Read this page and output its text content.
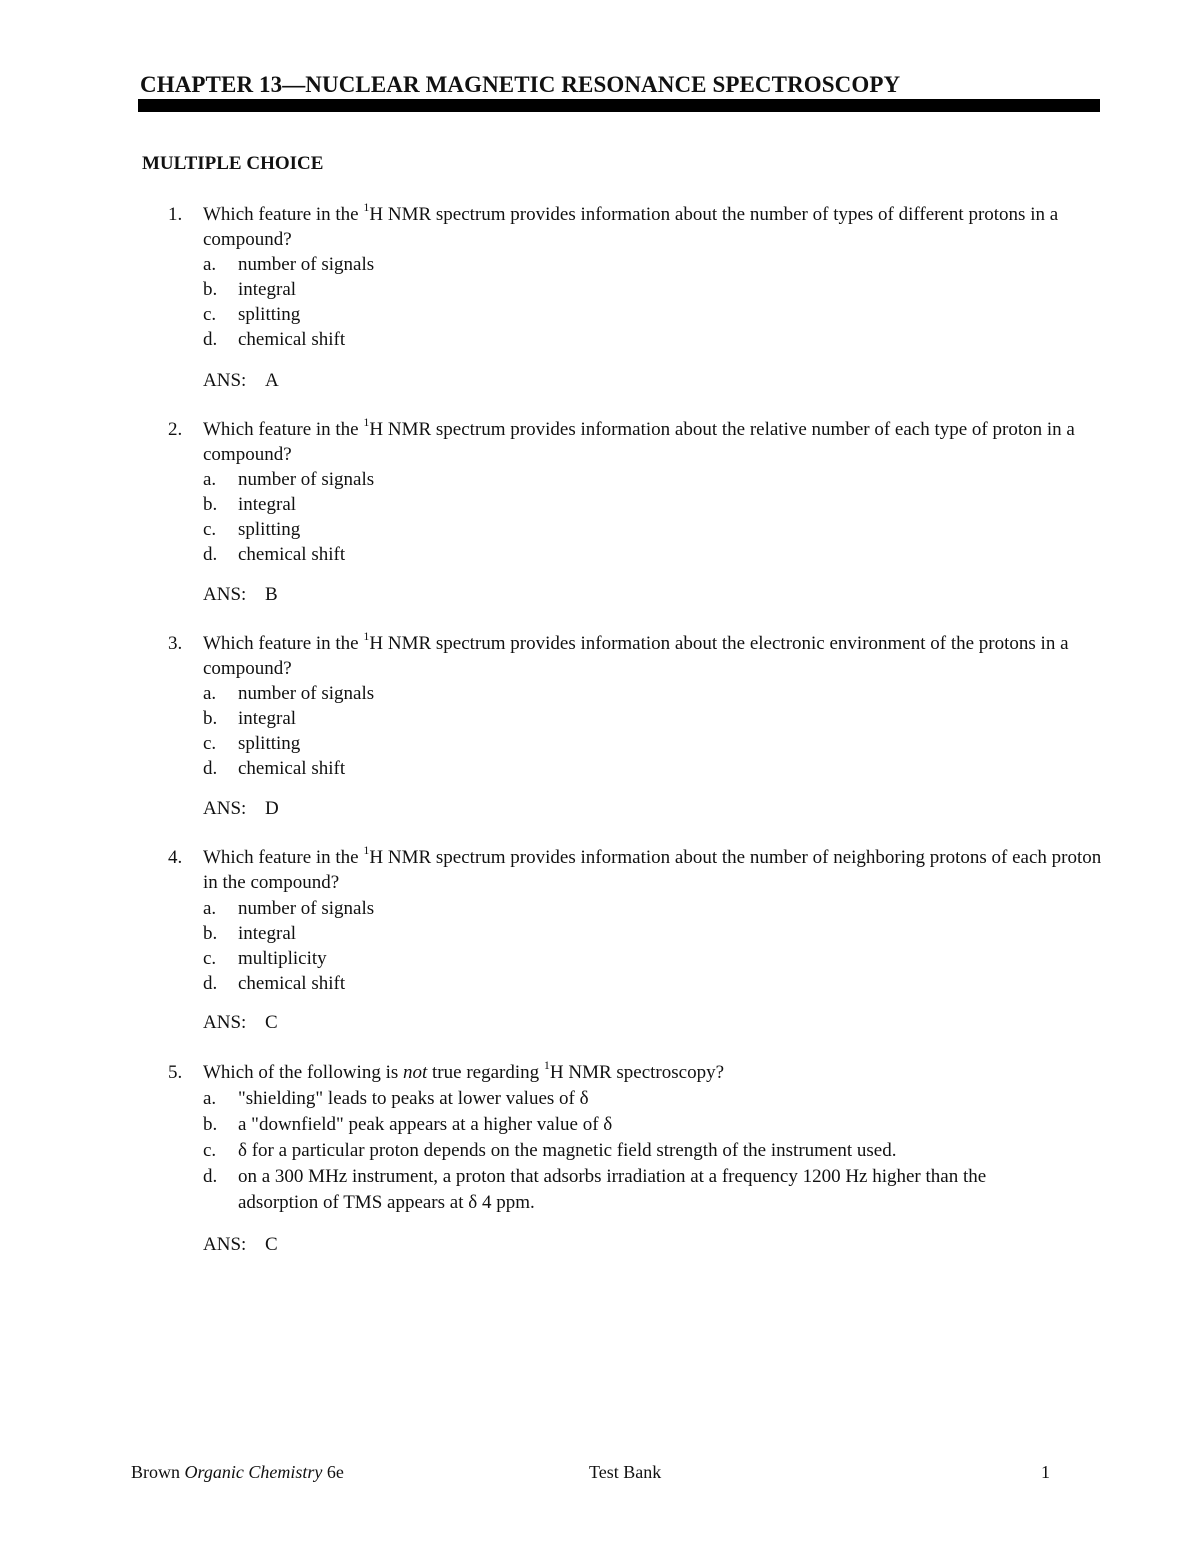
CHAPTER 13—NUCLEAR MAGNETIC RESONANCE SPECTROSCOPY
MULTIPLE CHOICE
1. Which feature in the $^1$H NMR spectrum provides information about the number of types of different protons in a compound?
a. number of signals
b. integral
c. splitting
d. chemical shift
ANS: A
2. Which feature in the $^1$H NMR spectrum provides information about the relative number of each type of proton in a compound?
a. number of signals
b. integral
c. splitting
d. chemical shift
ANS: B
3. Which feature in the $^1$H NMR spectrum provides information about the electronic environment of the protons in a compound?
a. number of signals
b. integral
c. splitting
d. chemical shift
ANS: D
4. Which feature in the $^1$H NMR spectrum provides information about the number of neighboring protons of each proton in the compound?
a. number of signals
b. integral
c. multiplicity
d. chemical shift
ANS: C
5. Which of the following is not true regarding $^1$H NMR spectroscopy?
a. "shielding" leads to peaks at lower values of δ
b. a "downfield" peak appears at a higher value of δ
c. δ for a particular proton depends on the magnetic field strength of the instrument used.
d. on a 300 MHz instrument, a proton that adsorbs irradiation at a frequency 1200 Hz higher than the adsorption of TMS appears at δ 4 ppm.
ANS: C
Brown Organic Chemistry 6e	Test Bank	1
